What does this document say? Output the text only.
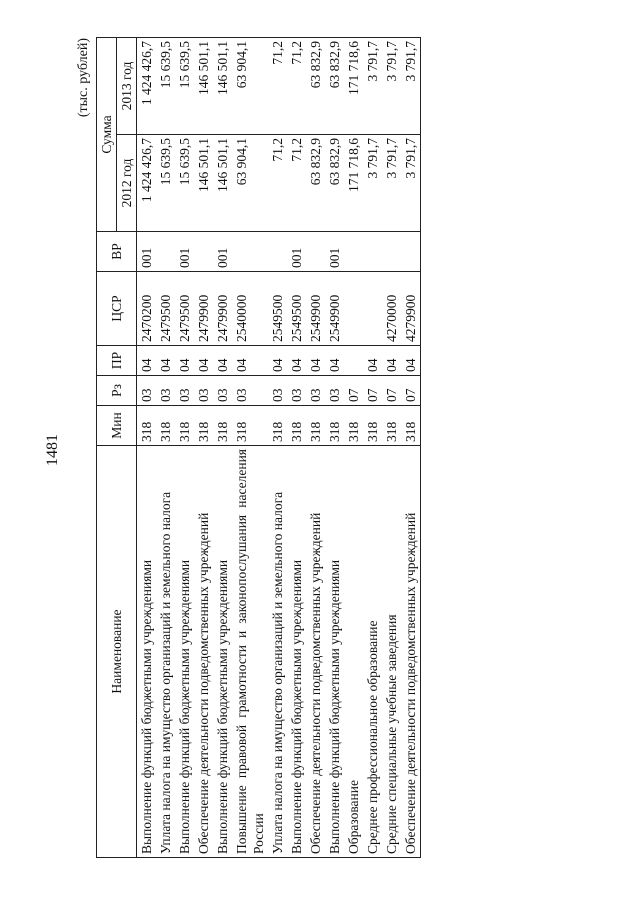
1481
(тыс. рублей)
Наименование	Мин	Рз	ПР	ЦСР	ВР	Сумма	
						2012 год	2013 год
Выполнение функций бюджетными учреждениями	318	03	04	2470200	001	1 424 426,7	1 424 426,7
Уплата налога на имущество организаций и земельного налога	318	03	04	2479500		15 639,5	15 639,5
Выполнение функций бюджетными учреждениями	318	03	04	2479500	001	15 639,5	15 639,5
Обеспечение деятельности подведомственных учреждений	318	03	04	2479900		146 501,1	146 501,1
Выполнение функций бюджетными учреждениями	318	03	04	2479900	001	146 501,1	146 501,1
Повышение правовой грамотности и законопослушания населения России	318	03	04	2540000		63 904,1	63 904,1
Уплата налога на имущество организаций и земельного налога	318	03	04	2549500		71,2	71,2
Выполнение функций бюджетными учреждениями	318	03	04	2549500	001	71,2	71,2
Обеспечение деятельности подведомственных учреждений	318	03	04	2549900		63 832,9	63 832,9
Выполнение функций бюджетными учреждениями	318	03	04	2549900	001	63 832,9	63 832,9
Образование	318	07				171 718,6	171 718,6
Среднее профессиональное образование	318	07	04			3 791,7	3 791,7
Средние специальные учебные заведения	318	07	04	4270000		3 791,7	3 791,7
Обеспечение деятельности подведомственных учреждений	318	07	04	4279900		3 791,7	3 791,7
